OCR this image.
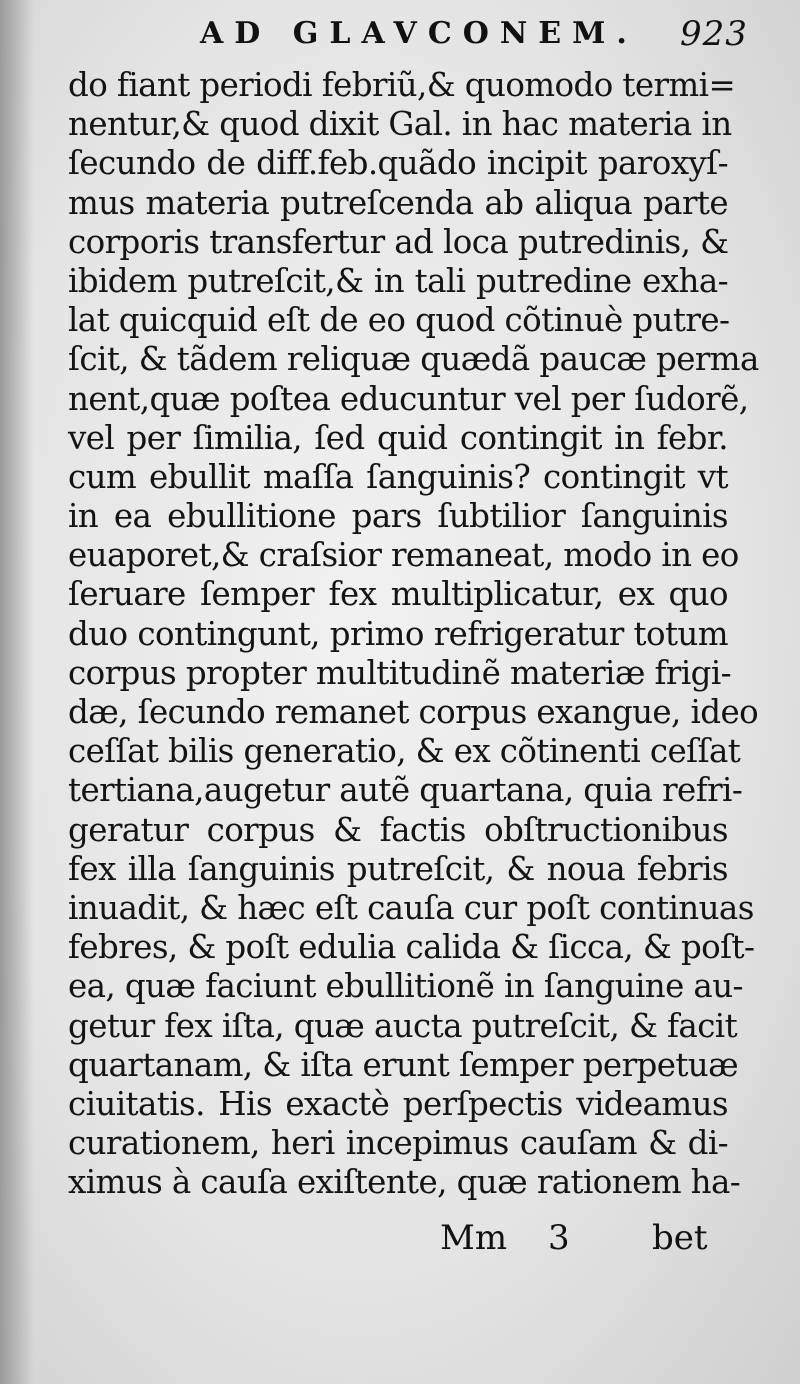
AD GLAVCONEM. 923
do fiant periodi febriũ,& quomodo termi=
nentur,& quod dixit Gal. in hac materia in
ſecundo de diff.feb.quãdo incipit paroxyſ-
mus materia putreſcenda ab aliqua parte
corporis transfertur ad loca putredinis, &
ibidem putreſcit,& in tali putredine exha-
lat quicquid eſt de eo quod cõtinuè putre-
ſcit, & tãdem reliquæ quædã paucæ perma
nent,quæ poſtea educuntur vel per ſudorẽ,
vel per ſimilia, ſed quid contingit in febr.
cum ebullit maſſa ſanguinis? contingit vt
in ea ebullitione pars ſubtilior ſanguinis
euaporet,& craſsior remaneat, modo in eo
ſeruare ſemper fex multiplicatur, ex quo
duo contingunt, primo refrigeratur totum
corpus propter multitudinẽ materiæ frigi-
dæ, ſecundo remanet corpus exangue, ideo
ceſſat bilis generatio, & ex cõtinenti ceſſat
tertiana,augetur autẽ quartana, quia refri-
geratur corpus & factis obſtructionibus
fex illa ſanguinis putreſcit, & noua febris
inuadit, & hæc eſt cauſa cur poſt continuas
febres, & poſt edulia calida & ſicca, & poſt-
ea, quæ faciunt ebullitionẽ in ſanguine au-
getur fex iſta, quæ aucta putreſcit, & facit
quartanam, & iſta erunt ſemper perpetuæ
ciuitatis. His exactè perſpectis videamus
curationem, heri incepimus cauſam & di-
ximus à cauſa exiſtente, quæ rationem ha-
Mm 3 bet
